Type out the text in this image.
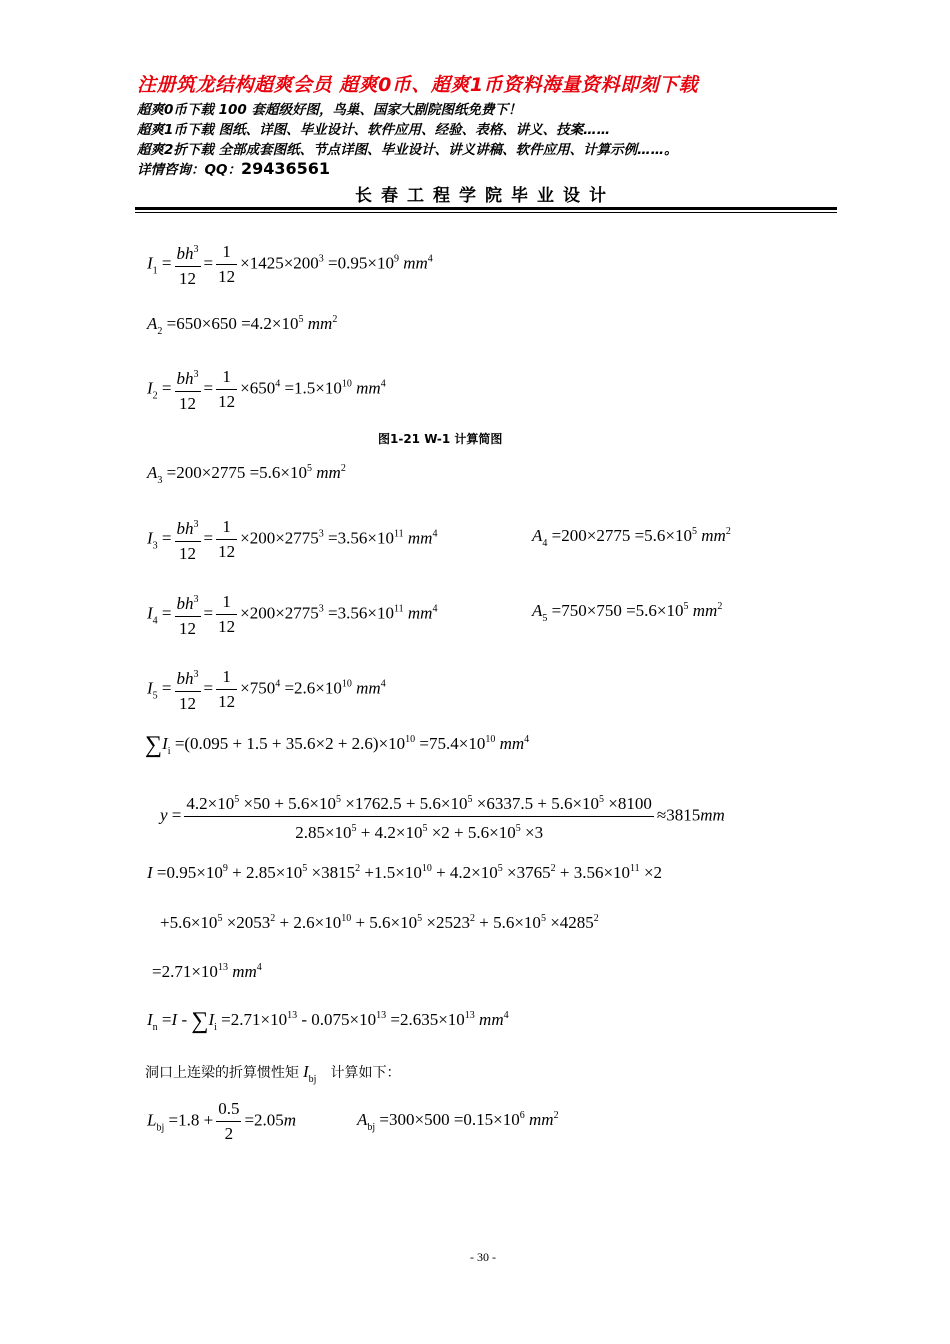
注册筑龙结构超爽会员 超爽0币、超爽1币资料海量资料即刻下载
超爽0币下载 100 套超级好图，鸟巢、国家大剧院图纸免费下！
超爽1币下载 图纸、详图、毕业设计、软件应用、经验、表格、讲义、技案……
超爽2折下载 全部成套图纸、节点详图、毕业设计、讲义讲稿、软件应用、计算示例……。
详情咨询：QQ：29436561
长春工程学院毕业设计
$I_1 = \frac{bh^3}{12} = \frac{1}{12} \times 1425\times 200^3 =0.95\times 10^9$ $mm^4$
$A_2 =650\times 650 =4.2\times 10^5$ $mm^2$
$I_2 = \frac{bh^3}{12} = \frac{1}{12} \times 650^4 =1.5\times 10^{10}$ $mm^4$
图1-21 W-1 计算简图
$A_3 =200\times 2775 =5.6\times 10^5$ $mm^2$
$I_3 = \frac{bh^3}{12} = \frac{1}{12} \times 200\times 2775^3 =3.56\times 10^{11}$ $mm^4$	$A_4 =200\times 2775 =5.6\times 10^5$ $mm^2$
$I_4 = \frac{bh^3}{12} = \frac{1}{12} \times 200\times 2775^3 =3.56\times 10^{11}$ $mm^4$	$A_5 =750\times 750 =5.6\times 10^5$ $mm^2$
$I_5 = \frac{bh^3}{12} = \frac{1}{12} \times 750^4 =2.6\times 10^{10}$ $mm^4$
$\sum I_i =(0.095 + 1.5 + 35.6\times 2 + 2.6)\times 10^{10} =75.4\times 10^{10}$ $mm^4$
y =
$4.2\times 10^5 \times 50 + 5.6\times 10^5 \times 1762.5 + 5.6\times 10^5 \times 6337.5 + 5.6\times 10^5 \times 8100$
$2.85\times 10^5 + 4.2\times 10^5 \times 2 + 5.6\times 10^5 \times 3$
≈3815mm
$I =0.95\times 10^9 + 2.85\times 10^5 \times 3815^2 +1.5\times 10^{10} + 4.2\times 10^5 \times 3765^2 + 3.56\times 10^{11} \times 2$
$+5.6\times 10^5 \times 2053^2 + 2.6\times 10^{10} + 5.6\times 10^5 \times 2523^2 + 5.6\times 10^5 \times 4285^2$
$=2.71\times 10^{13}$ $mm^4$
$I_n =I - \sum I_i =2.71\times 10^{13} - 0.075\times 10^{13} =2.635\times 10^{13}$ $mm^4$
洞口上连梁的折算惯性矩 $I_{bj}$ 计算如下：
$L_{bj} =1.8 + \frac{0.5}{2} =2.05m$	$A_{bj} =300\times 500 =0.15\times 10^6$ $mm^2$
- 30 -
